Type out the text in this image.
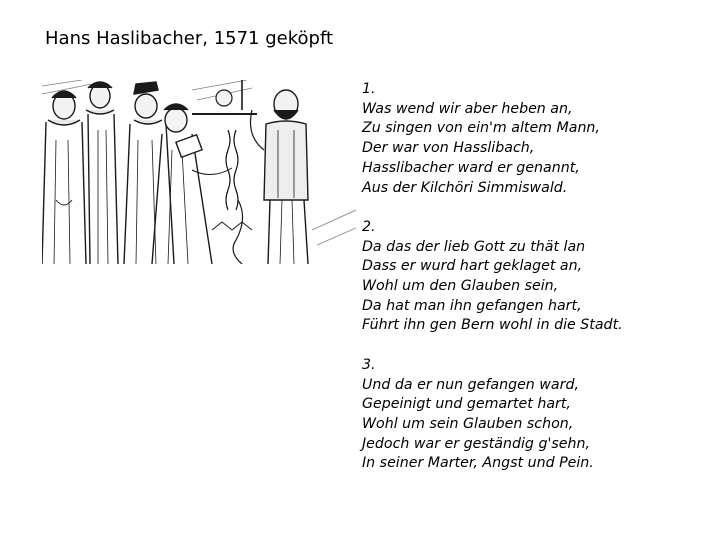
Hans Haslibacher, 1571 geköpft
1.
Was wend wir aber heben an,
Zu singen von ein'm altem Mann,
Der war von Hasslibach,
Hasslibacher ward er genannt,
Aus der Kilchöri Simmiswald.
2.
Da das der lieb Gott zu thät lan
Dass er wurd hart geklaget an,
Wohl um den Glauben sein,
Da hat man ihn gefangen hart,
Führt ihn gen Bern wohl in die Stadt.
3.
Und da er nun gefangen ward,
Gepeinigt und gemartet hart,
Wohl um sein Glauben schon,
Jedoch war er geständig g'sehn,
In seiner Marter, Angst und Pein.
